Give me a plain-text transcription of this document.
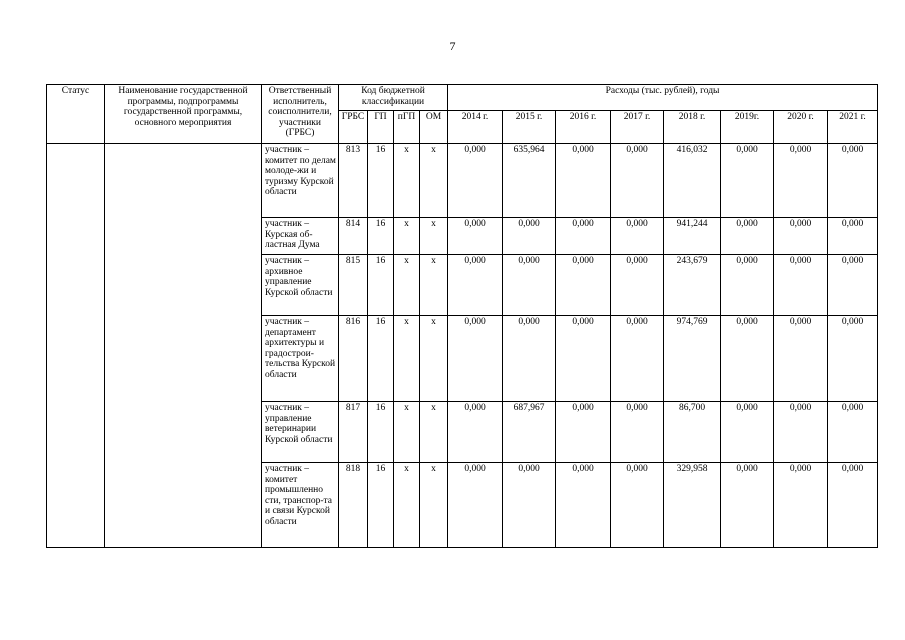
7
Статус	Наименование государственной программы, подпрограммы государственной программы, основного мероприятия	Ответственный исполнитель, соисполнители, участники (ГРБС)	Код бюджетной классификации				Расходы (тыс. рублей), годы							
			ГРБС	ГП	пГП	ОМ	2014 г.	2015 г.	2016 г.	2017 г.	2018 г.	2019г.	2020 г.	2021 г.
		участник – комитет по делам молоде-жи и туризму Курской области	813	16	х	х	0,000	635,964	0,000	0,000	416,032	0,000	0,000	0,000
		участник – Курская об-ластная Дума	814	16	х	х	0,000	0,000	0,000	0,000	941,244	0,000	0,000	0,000
		участник – архивное управление Курской области	815	16	х	х	0,000	0,000	0,000	0,000	243,679	0,000	0,000	0,000
		участник – департамент архитектуры и градострои-тельства Курской области	816	16	х	х	0,000	0,000	0,000	0,000	974,769	0,000	0,000	0,000
		участник – управление ветеринарии Курской области	817	16	х	х	0,000	687,967	0,000	0,000	86,700	0,000	0,000	0,000
		участник – комитет промышленно сти, транспор-та и связи Курской области	818	16	х	х	0,000	0,000	0,000	0,000	329,958	0,000	0,000	0,000
